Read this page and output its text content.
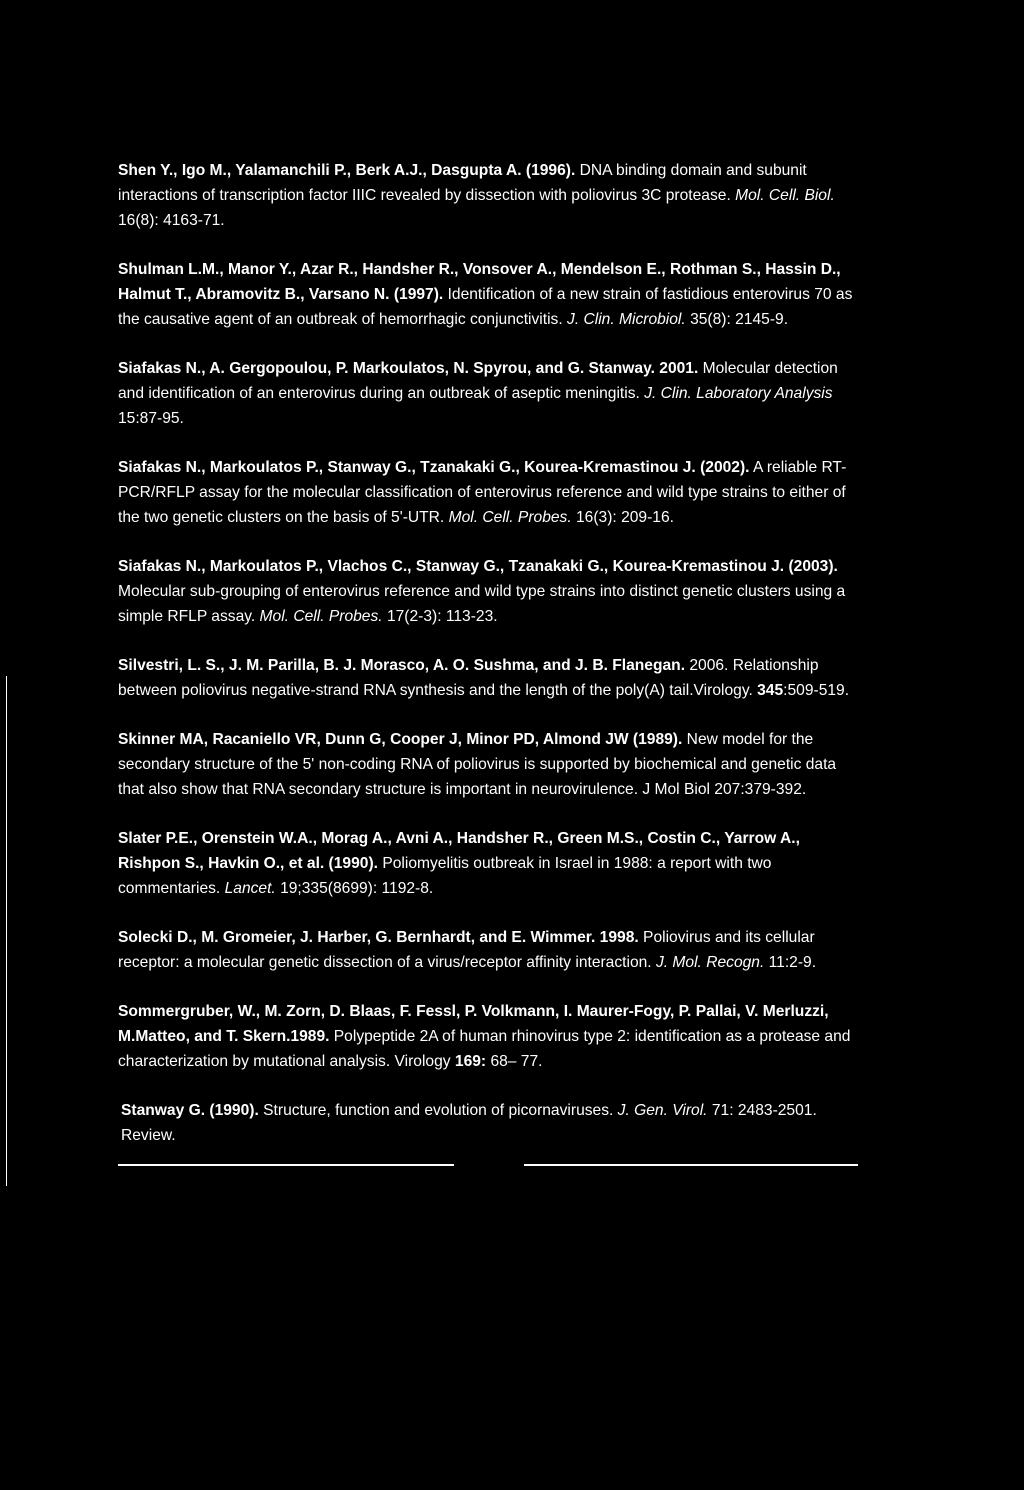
Shen Y., Igo M., Yalamanchili P., Berk A.J., Dasgupta A. (1996). DNA binding domain and subunit interactions of transcription factor IIIC revealed by dissection with poliovirus 3C protease. Mol. Cell. Biol. 16(8): 4163-71.

Shulman L.M., Manor Y., Azar R., Handsher R., Vonsover A., Mendelson E., Rothman S., Hassin D., Halmut T., Abramovitz B., Varsano N. (1997). Identification of a new strain of fastidious enterovirus 70 as the causative agent of an outbreak of hemorrhagic conjunctivitis. J. Clin. Microbiol. 35(8): 2145-9.

Siafakas N., A. Gergopoulou, P. Markoulatos, N. Spyrou, and G. Stanway. 2001. Molecular detection and identification of an enterovirus during an outbreak of aseptic meningitis. J. Clin. Laboratory Analysis 15:87-95.

Siafakas N., Markoulatos P., Stanway G., Tzanakaki G., Kourea-Kremastinou J. (2002). A reliable RT-PCR/RFLP assay for the molecular classification of enterovirus reference and wild type strains to either of the two genetic clusters on the basis of 5'-UTR. Mol. Cell. Probes. 16(3): 209-16.

Siafakas N., Markoulatos P., Vlachos C., Stanway G., Tzanakaki G., Kourea-Kremastinou J. (2003). Molecular sub-grouping of enterovirus reference and wild type strains into distinct genetic clusters using a simple RFLP assay. Mol. Cell. Probes. 17(2-3): 113-23.

Silvestri, L. S., J. M. Parilla, B. J. Morasco, A. O. Sushma, and J. B. Flanegan. 2006. Relationship between poliovirus negative-strand RNA synthesis and the length of the poly(A) tail.Virology. 345:509-519.

Skinner MA, Racaniello VR, Dunn G, Cooper J, Minor PD, Almond JW (1989). New model for the secondary structure of the 5' non-coding RNA of poliovirus is supported by biochemical and genetic data that also show that RNA secondary structure is important in neurovirulence. J Mol Biol 207:379-392.

Slater P.E., Orenstein W.A., Morag A., Avni A., Handsher R., Green M.S., Costin C., Yarrow A., Rishpon S., Havkin O., et al. (1990). Poliomyelitis outbreak in Israel in 1988: a report with two commentaries. Lancet. 19;335(8699): 1192-8.

Solecki D., M. Gromeier, J. Harber, G. Bernhardt, and E. Wimmer. 1998. Poliovirus and its cellular receptor: a molecular genetic dissection of a virus/receptor affinity interaction. J. Mol. Recogn. 11:2-9.

Sommergruber, W., M. Zorn, D. Blaas, F. Fessl, P. Volkmann, I. Maurer-Fogy, P. Pallai, V. Merluzzi, M.Matteo, and T. Skern.1989. Polypeptide 2A of human rhinovirus type 2: identification as a protease and characterization by mutational analysis. Virology 169: 68– 77.

Stanway G. (1990). Structure, function and evolution of picornaviruses. J. Gen. Virol. 71: 2483-2501. Review.
